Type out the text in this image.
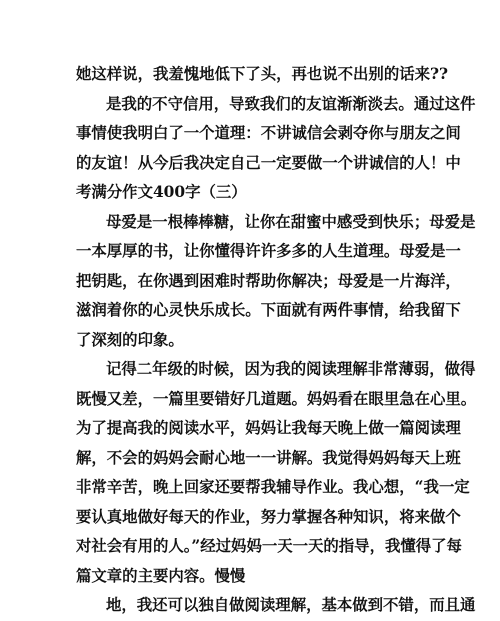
她这样说，我羞愧地低下了头，再也说不出别的话来??
是我的不守信用，导致我们的友谊渐渐淡去。通过这件
事情使我明白了一个道理：不讲诚信会剥夺你与朋友之间
的友谊！从今后我决定自己一定要做一个讲诚信的人！中
考满分作文400字（三）
母爱是一根棒棒糖，让你在甜蜜中感受到快乐；母爱是
一本厚厚的书，让你懂得许许多多的人生道理。母爱是一
把钥匙，在你遇到困难时帮助你解决；母爱是一片海洋，
滋润着你的心灵快乐成长。下面就有两件事情，给我留下
了深刻的印象。
记得二年级的时候，因为我的阅读理解非常薄弱，做得
既慢又差，一篇里要错好几道题。妈妈看在眼里急在心里。
为了提高我的阅读水平，妈妈让我每天晚上做一篇阅读理
解，不会的妈妈会耐心地一一讲解。我觉得妈妈每天上班
非常辛苦，晚上回家还要帮我辅导作业。我心想，“我一定
要认真地做好每天的作业，努力掌握各种知识，将来做个
对社会有用的人。”经过妈妈一天一天的指导，我懂得了每
篇文章的主要内容。慢慢
地，我还可以独自做阅读理解，基本做到不错，而且通
